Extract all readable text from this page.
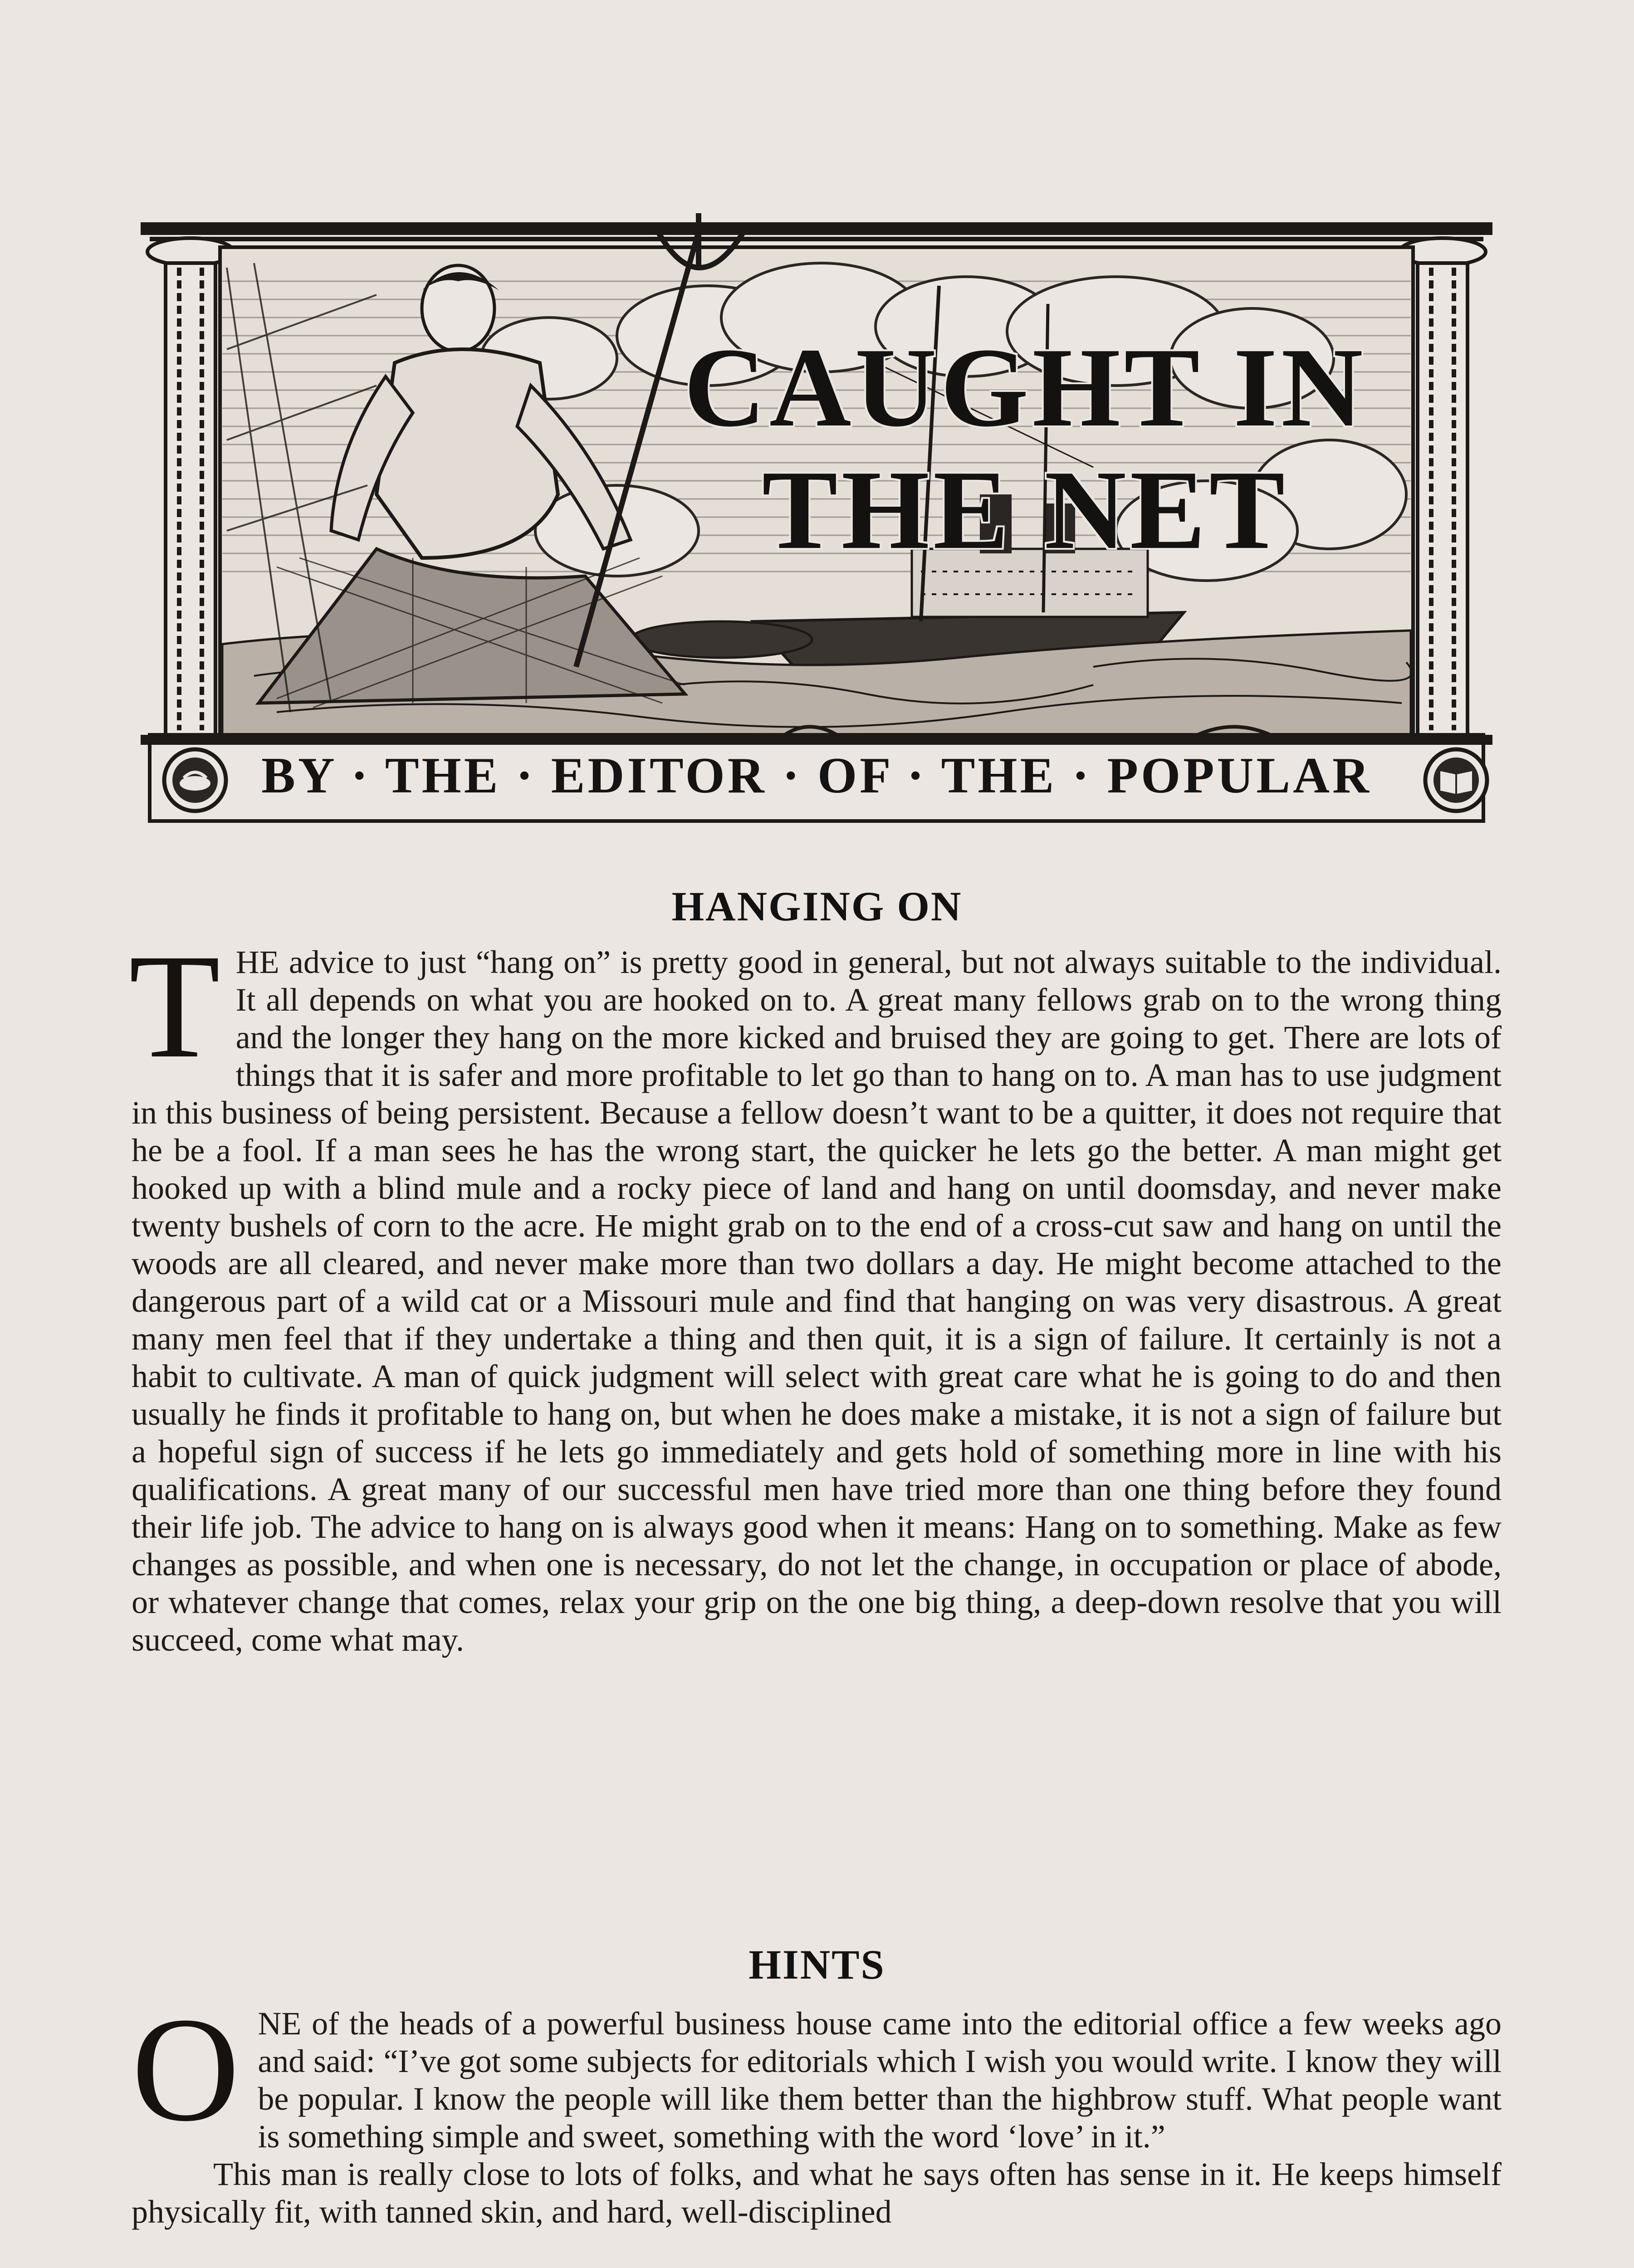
CAUGHT IN
THE NET
BY · THE · EDITOR · OF · THE · POPULAR
HANGING ON

THE advice to just “hang on” is pretty good in general, but not always suitable to the individual. It all depends on what you are hooked on to. A great many fellows grab on to the wrong thing and the longer they hang on the more kicked and bruised they are going to get. There are lots of things that it is safer and more profitable to let go than to hang on to. A man has to use judgment in this business of being persistent. Because a fellow doesn’t want to be a quitter, it does not require that he be a fool. If a man sees he has the wrong start, the quicker he lets go the better. A man might get hooked up with a blind mule and a rocky piece of land and hang on until doomsday, and never make twenty bushels of corn to the acre. He might grab on to the end of a cross-cut saw and hang on until the woods are all cleared, and never make more than two dollars a day. He might become attached to the dangerous part of a wild cat or a Missouri mule and find that hanging on was very disastrous. A great many men feel that if they undertake a thing and then quit, it is a sign of failure. It certainly is not a habit to cultivate. A man of quick judgment will select with great care what he is going to do and then usually he finds it profitable to hang on, but when he does make a mistake, it is not a sign of failure but a hopeful sign of success if he lets go immediately and gets hold of something more in line with his qualifications. A great many of our successful men have tried more than one thing before they found their life job. The advice to hang on is always good when it means: Hang on to something. Make as few changes as possible, and when one is necessary, do not let the change, in occupation or place of abode, or whatever change that comes, relax your grip on the one big thing, a deep-down resolve that you will succeed, come what may.

HINTS

ONE of the heads of a powerful business house came into the editorial office a few weeks ago and said: “I’ve got some subjects for editorials which I wish you would write. I know they will be popular. I know the people will like them better than the highbrow stuff. What people want is something simple and sweet, something with the word ‘love’ in it.”

This man is really close to lots of folks, and what he says often has sense in it. He keeps himself physically fit, with tanned skin, and hard, well-disciplined
